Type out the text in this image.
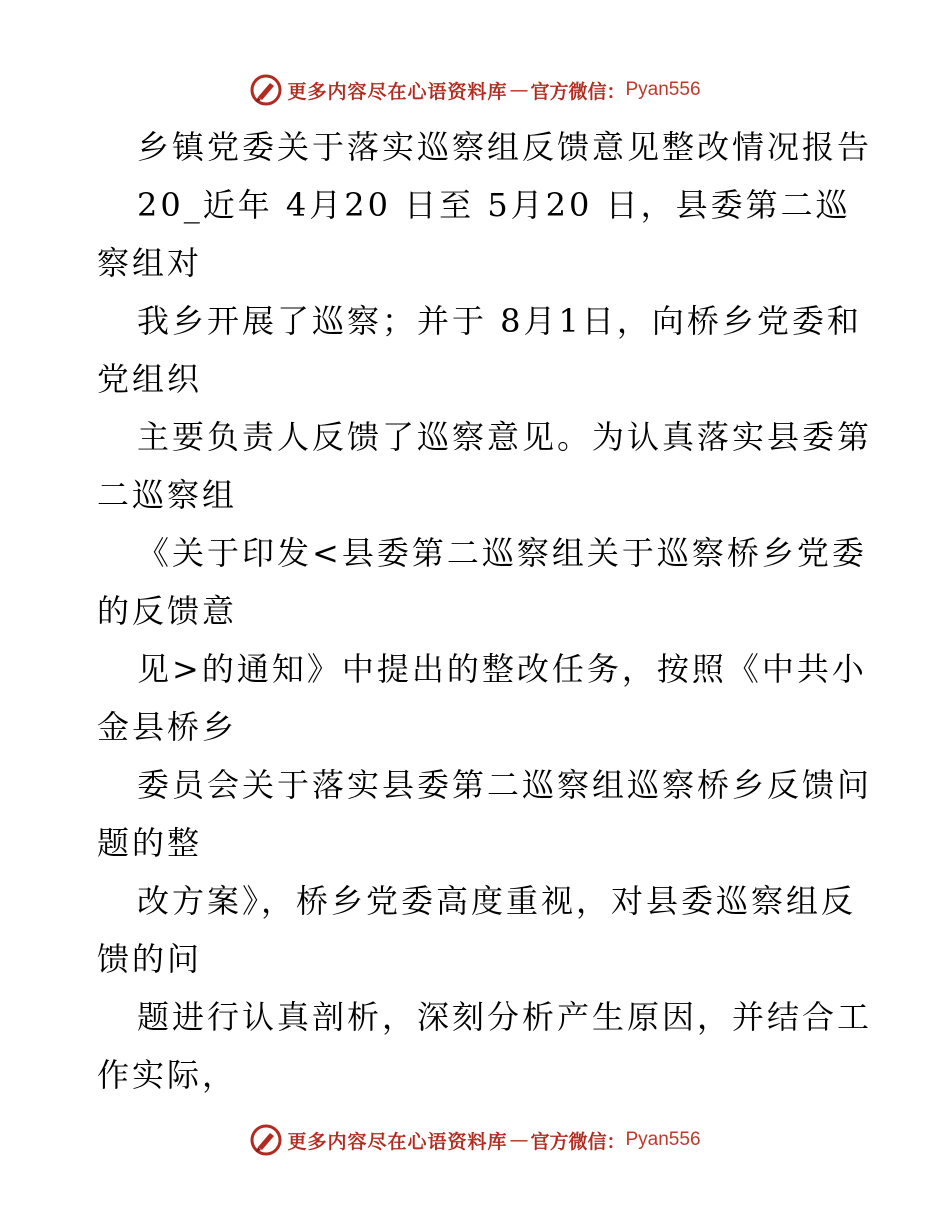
更多内容尽在心语资料库 — 官方微信： Pyan556
乡镇党委关于落实巡察组反馈意见整改情况报告
20_近年 4月20 日至 5月20 日，县委第二巡
察组对
我乡开展了巡察；并于 8月1日，向桥乡党委和
党组织
主要负责人反馈了巡察意见。为认真落实县委第
二巡察组
《关于印发<县委第二巡察组关于巡察桥乡党委
的反馈意
见>的通知》中提出的整改任务，按照《中共小
金县桥乡
委员会关于落实县委第二巡察组巡察桥乡反馈问
题的整
改方案》，桥乡党委高度重视，对县委巡察组反
馈的问
题进行认真剖析，深刻分析产生原因，并结合工
作实际，
更多内容尽在心语资料库 — 官方微信： Pyan556
